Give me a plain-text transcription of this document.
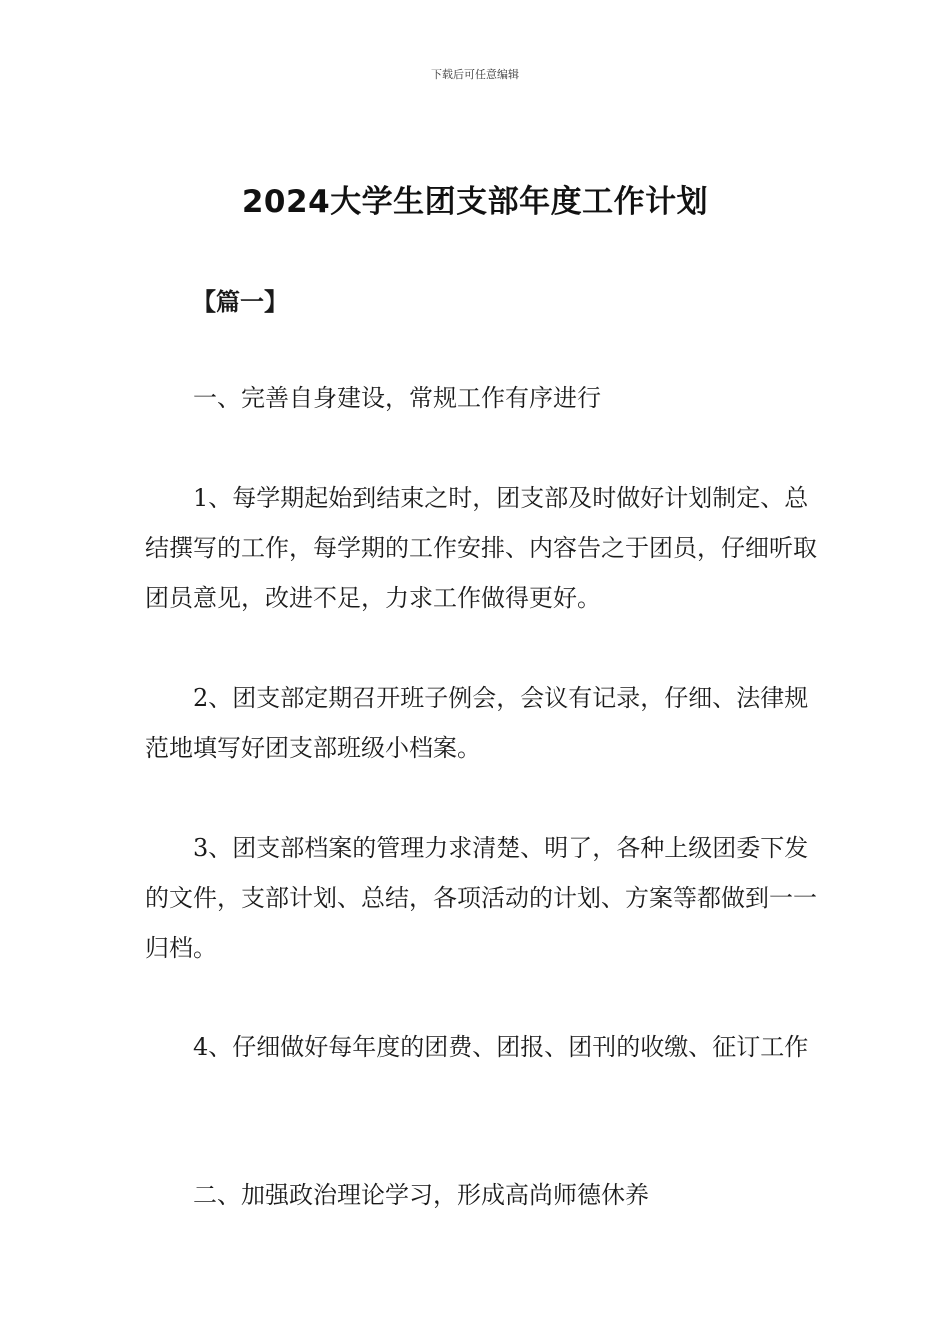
下载后可任意编辑
2024大学生团支部年度工作计划
【篇一】

一、完善自身建设，常规工作有序进行

1、每学期起始到结束之时，团支部及时做好计划制定、总结撰写的工作，每学期的工作安排、内容告之于团员，仔细听取团员意见，改进不足，力求工作做得更好。

2、团支部定期召开班子例会，会议有记录，仔细、法律规范地填写好团支部班级小档案。

3、团支部档案的管理力求清楚、明了，各种上级团委下发的文件，支部计划、总结，各项活动的计划、方案等都做到一一归档。

4、仔细做好每年度的团费、团报、团刊的收缴、征订工作

二、加强政治理论学习，形成高尚师德休养
